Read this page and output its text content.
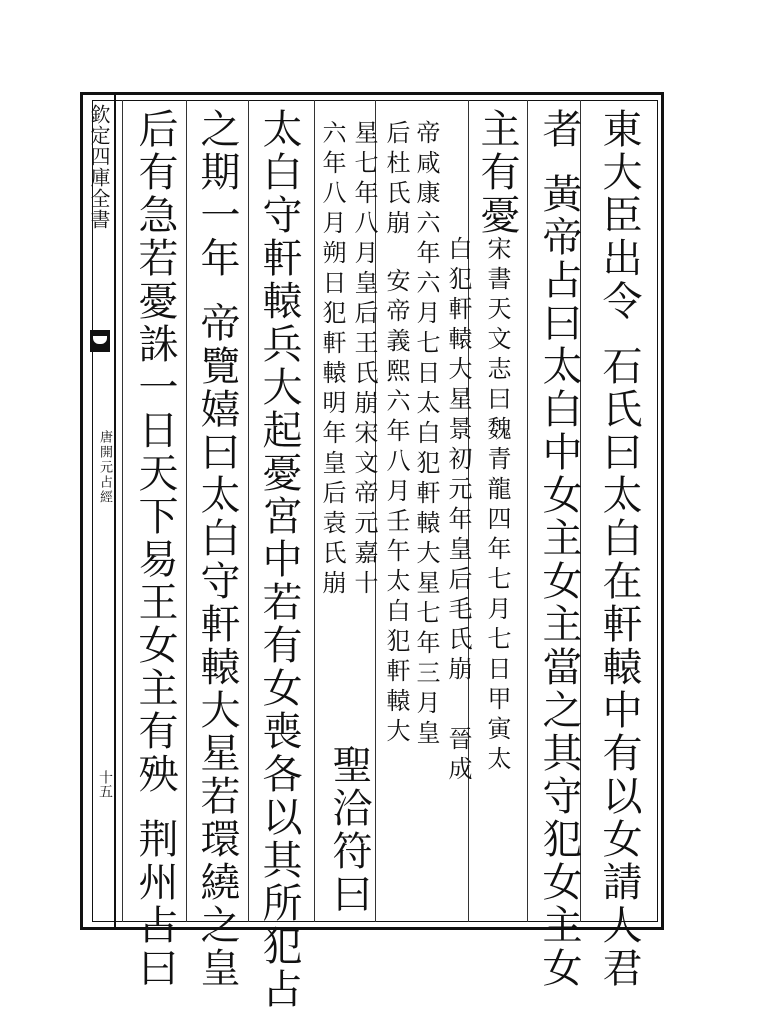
欽定四庫全書
唐開元占經
十五
東大臣出令石氏曰太白在軒轅中有以女請人君
者黃帝占曰太白中女主女主當之其守犯女主女
主有憂
宋書天文志曰魏青龍四年七月七日甲寅太
白犯軒轅大星景初元年皇后毛氏崩晉成
帝咸康六年六月七日太白犯軒轅大星七年三月皇
后杜氏崩安帝義熙六年八月壬午太白犯軒轅大
星七年八月皇后王氏崩宋文帝元嘉十
六年八月朔日犯軒轅明年皇后袁氏崩
聖洽符曰
太白守軒轅兵大起憂宮中若有女喪各以其所犯占
之期一年帝覽嬉曰太白守軒轅大星若環繞之皇
后有急若憂誅一日天下易王女主有殃荆州占曰
